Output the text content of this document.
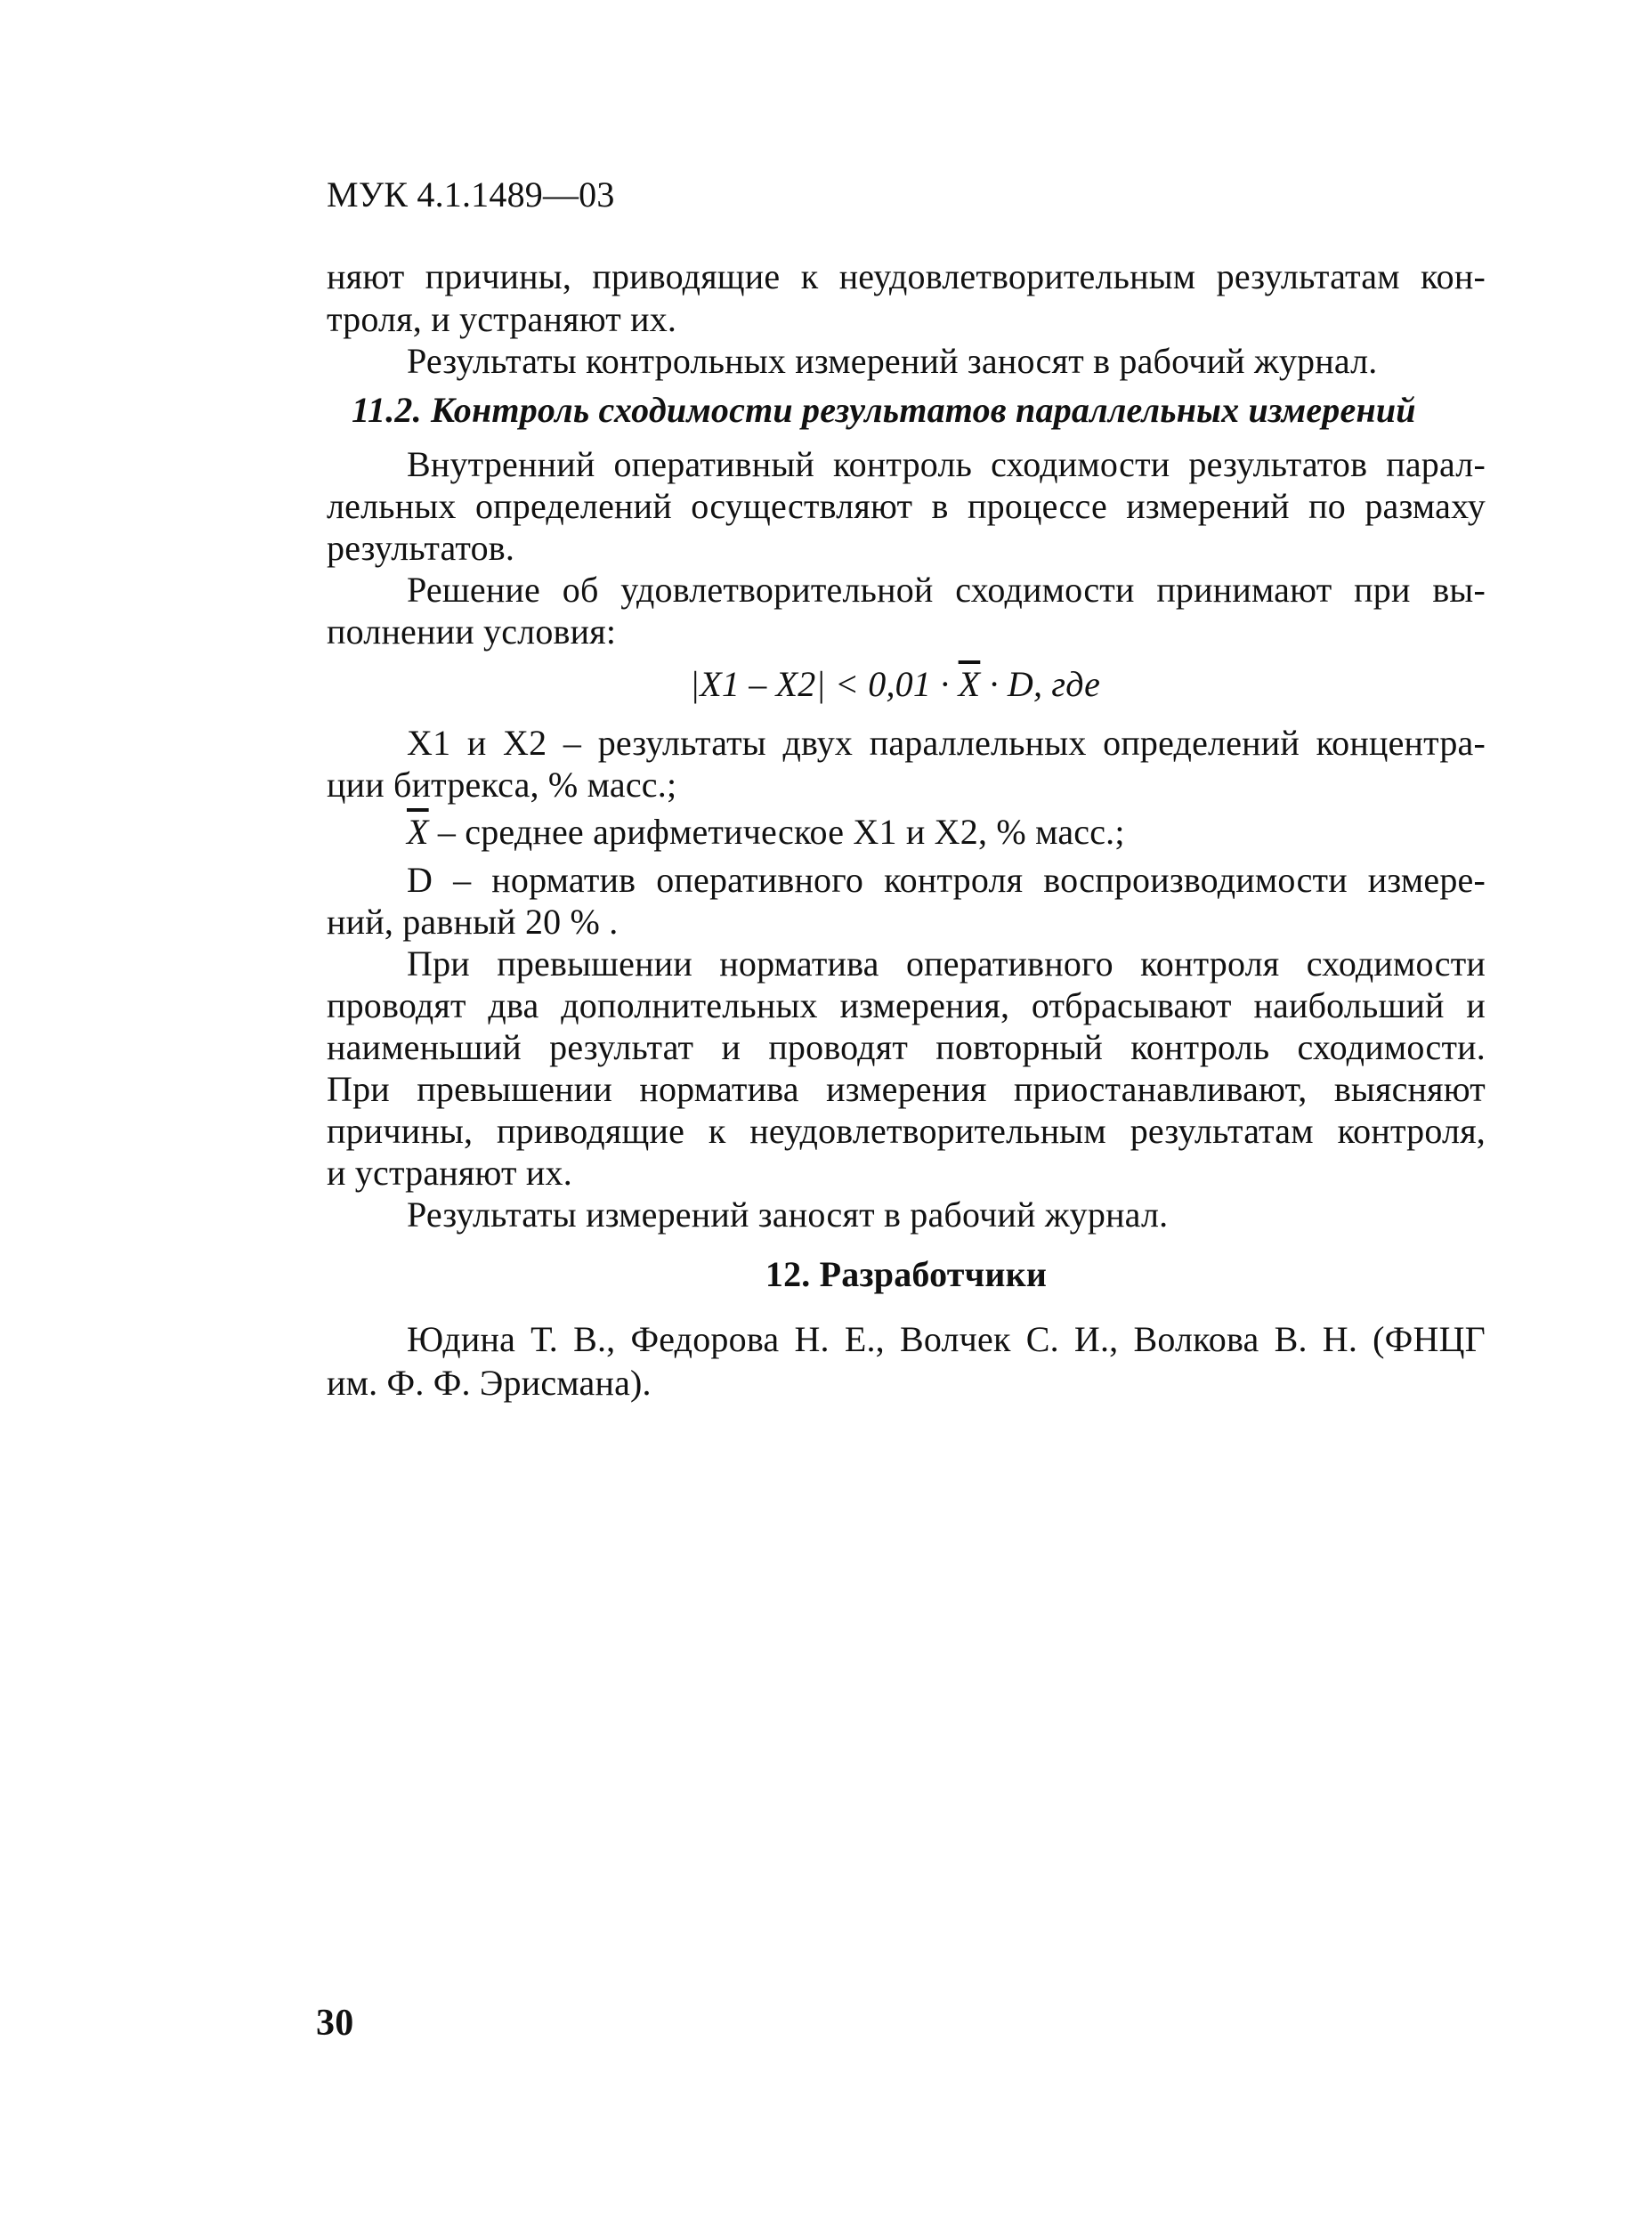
МУК 4.1.1489—03
няют причины, приводящие к неудовлетворительным результатам кон-
троля, и устраняют их.
Результаты контрольных измерений заносят в рабочий журнал.
11.2. Контроль сходимости результатов параллельных измерений
Внутренний оперативный контроль сходимости результатов парал-
лельных определений осуществляют в процессе измерений по размаху
результатов.
Решение об удовлетворительной сходимости принимают при вы-
полнении условия:
$|X1 - X2| < 0,01 \cdot \overline{X} \cdot D$, где
X1 и X2 – результаты двух параллельных определений концентра-
ции битрекса, % масс.;
$\overline{X}$ – среднее арифметическое X1 и X2, % масс.;
D – норматив оперативного контроля воспроизводимости измере-
ний, равный 20 % .
При превышении норматива оперативного контроля сходимости
проводят два дополнительных измерения, отбрасывают наибольший и
наименьший результат и проводят повторный контроль сходимости.
При превышении норматива измерения приостанавливают, выясняют
причины, приводящие к неудовлетворительным результатам контроля,
и устраняют их.
Результаты измерений заносят в рабочий журнал.
12. Разработчики
Юдина Т. В., Федорова Н. Е., Волчек С. И., Волкова В. Н. (ФНЦГ
им. Ф. Ф. Эрисмана).
30
